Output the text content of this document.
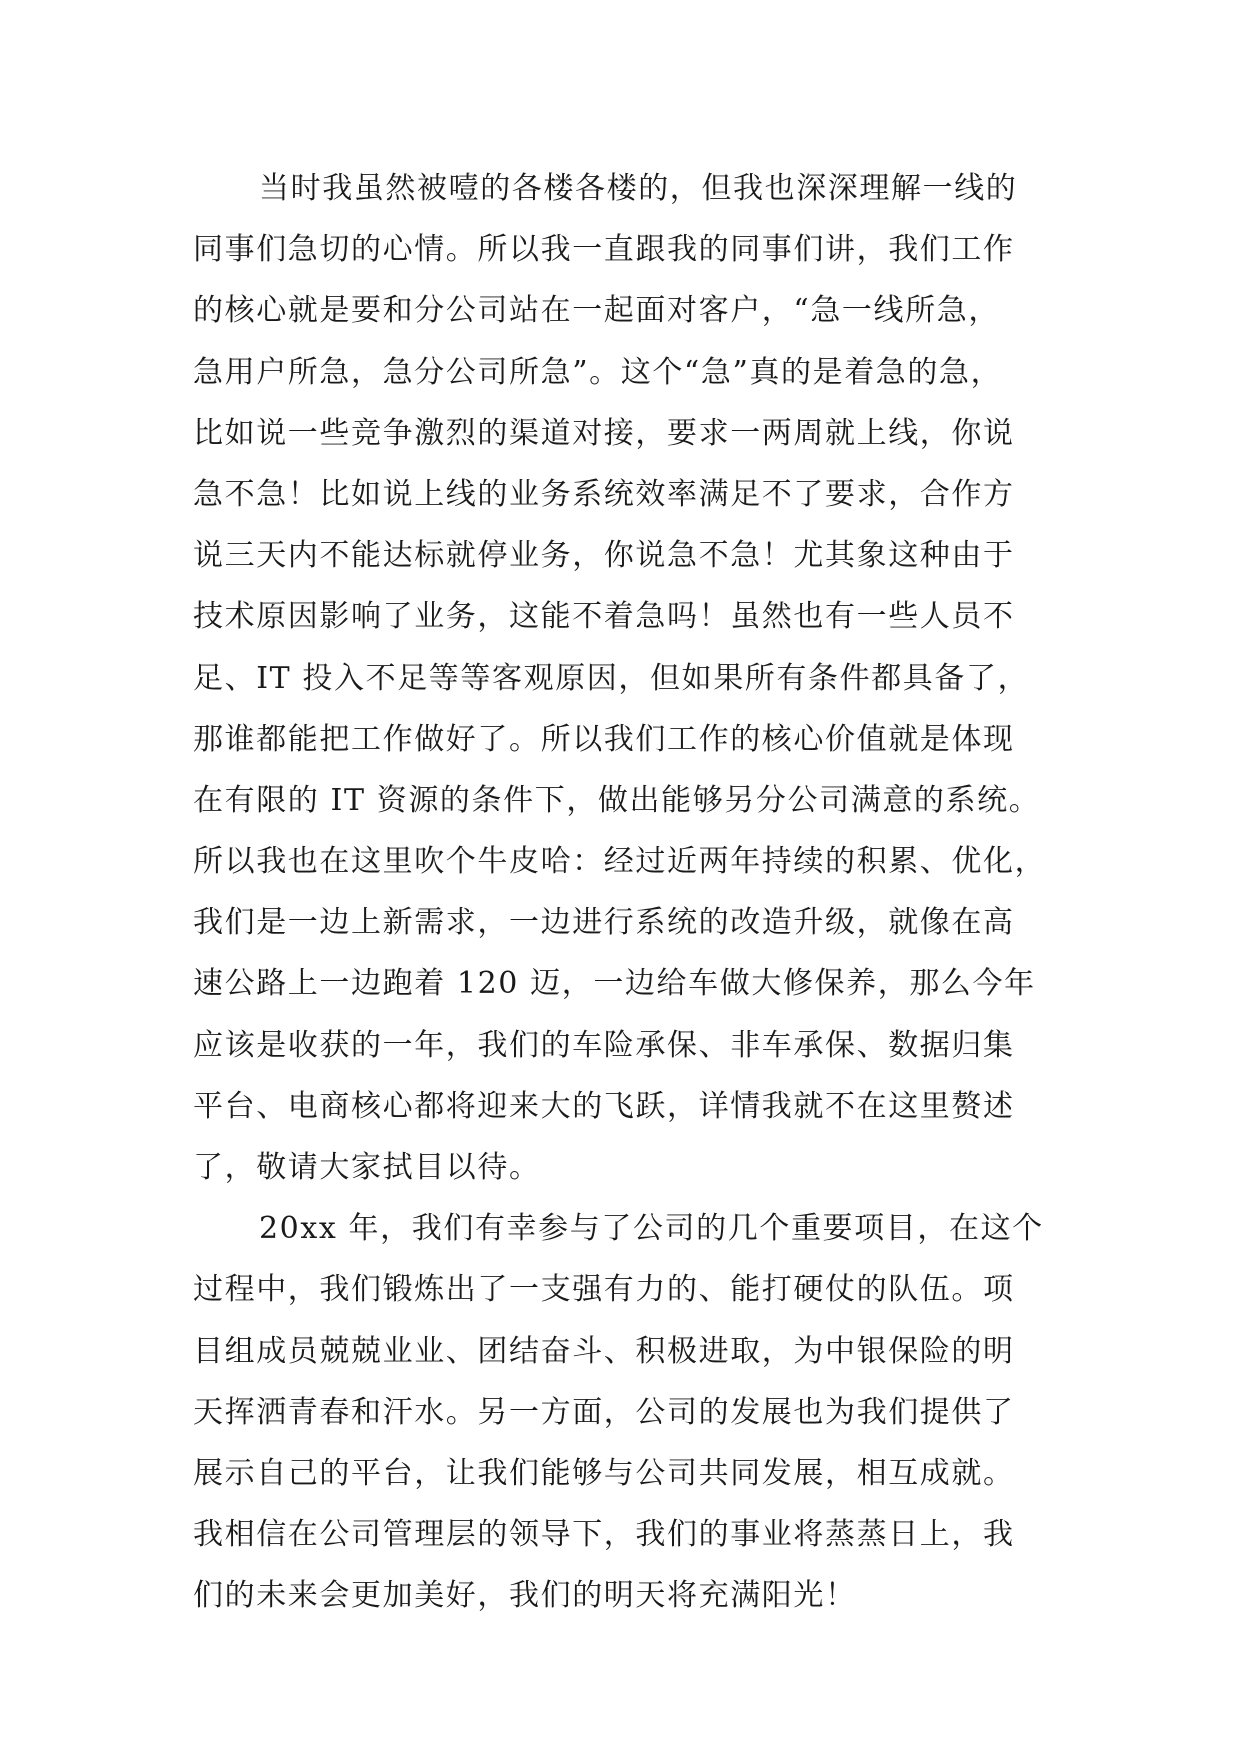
当时我虽然被噎的各楼各楼的，但我也深深理解一线的
同事们急切的心情。所以我一直跟我的同事们讲，我们工作
的核心就是要和分公司站在一起面对客户，“急一线所急，
急用户所急，急分公司所急”。这个“急”真的是着急的急，
比如说一些竞争激烈的渠道对接，要求一两周就上线，你说
急不急！比如说上线的业务系统效率满足不了要求，合作方
说三天内不能达标就停业务，你说急不急！尤其象这种由于
技术原因影响了业务，这能不着急吗！虽然也有一些人员不
足、IT 投入不足等等客观原因，但如果所有条件都具备了，
那谁都能把工作做好了。所以我们工作的核心价值就是体现
在有限的 IT 资源的条件下，做出能够另分公司满意的系统。
所以我也在这里吹个牛皮哈：经过近两年持续的积累、优化，
我们是一边上新需求，一边进行系统的改造升级，就像在高
速公路上一边跑着 120 迈，一边给车做大修保养，那么今年
应该是收获的一年，我们的车险承保、非车承保、数据归集
平台、电商核心都将迎来大的飞跃，详情我就不在这里赘述
了，敬请大家拭目以待。
20xx 年，我们有幸参与了公司的几个重要项目，在这个
过程中，我们锻炼出了一支强有力的、能打硬仗的队伍。项
目组成员兢兢业业、团结奋斗、积极进取，为中银保险的明
天挥洒青春和汗水。另一方面，公司的发展也为我们提供了
展示自己的平台，让我们能够与公司共同发展，相互成就。
我相信在公司管理层的领导下，我们的事业将蒸蒸日上，我
们的未来会更加美好，我们的明天将充满阳光！
